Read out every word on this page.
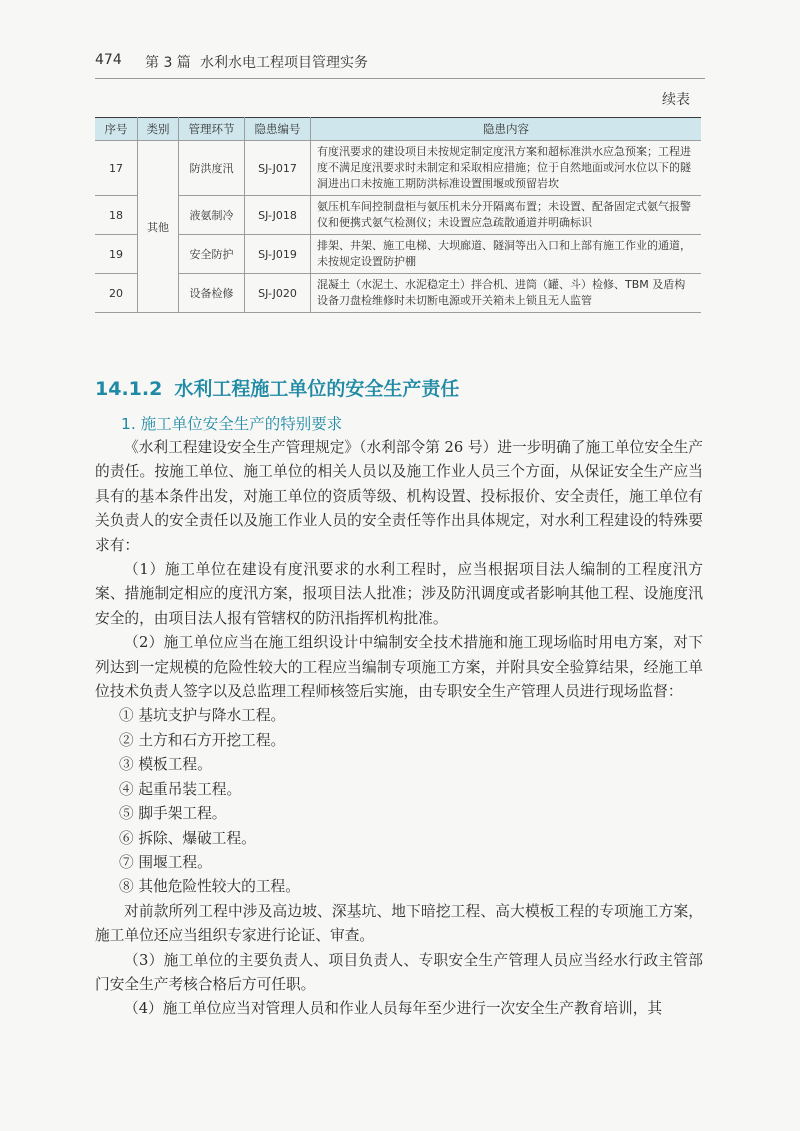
474 第 3 篇 水利水电工程项目管理实务
续表
序号	类别	管理环节	隐患编号	隐患内容
17	其他	防洪度汛	SJ-J017	有度汛要求的建设项目未按规定制定度汛方案和超标准洪水应急预案；工程进度不满足度汛要求时未制定和采取相应措施；位于自然地面或河水位以下的隧洞进出口未按施工期防洪标准设置围堰或预留岩坎
18		液氨制冷	SJ-J018	氨压机车间控制盘柜与氨压机未分开隔离布置；未设置、配备固定式氨气报警仪和便携式氨气检测仪；未设置应急疏散通道并明确标识
19		安全防护	SJ-J019	排架、井架、施工电梯、大坝廊道、隧洞等出入口和上部有施工作业的通道，未按规定设置防护棚
20		设备检修	SJ-J020	混凝土（水泥土、水泥稳定土）拌合机、进筒（罐、斗）检修、TBM 及盾构设备刀盘检维修时未切断电源或开关箱未上锁且无人监管
14.1.2 水利工程施工单位的安全生产责任
1. 施工单位安全生产的特别要求

《水利工程建设安全生产管理规定》（水利部令第 26 号）进一步明确了施工单位安全生产的责任。按施工单位、施工单位的相关人员以及施工作业人员三个方面，从保证安全生产应当具有的基本条件出发，对施工单位的资质等级、机构设置、投标报价、安全责任，施工单位有关负责人的安全责任以及施工作业人员的安全责任等作出具体规定，对水利工程建设的特殊要求有：

（1）施工单位在建设有度汛要求的水利工程时，应当根据项目法人编制的工程度汛方案、措施制定相应的度汛方案，报项目法人批准；涉及防汛调度或者影响其他工程、设施度汛安全的，由项目法人报有管辖权的防汛指挥机构批准。

（2）施工单位应当在施工组织设计中编制安全技术措施和施工现场临时用电方案，对下列达到一定规模的危险性较大的工程应当编制专项施工方案，并附具安全验算结果，经施工单位技术负责人签字以及总监理工程师核签后实施，由专职安全生产管理人员进行现场监督：

① 基坑支护与降水工程。

② 土方和石方开挖工程。

③ 模板工程。

④ 起重吊装工程。

⑤ 脚手架工程。

⑥ 拆除、爆破工程。

⑦ 围堰工程。

⑧ 其他危险性较大的工程。

对前款所列工程中涉及高边坡、深基坑、地下暗挖工程、高大模板工程的专项施工方案，施工单位还应当组织专家进行论证、审查。

（3）施工单位的主要负责人、项目负责人、专职安全生产管理人员应当经水行政主管部门安全生产考核合格后方可任职。

（4）施工单位应当对管理人员和作业人员每年至少进行一次安全生产教育培训，其
